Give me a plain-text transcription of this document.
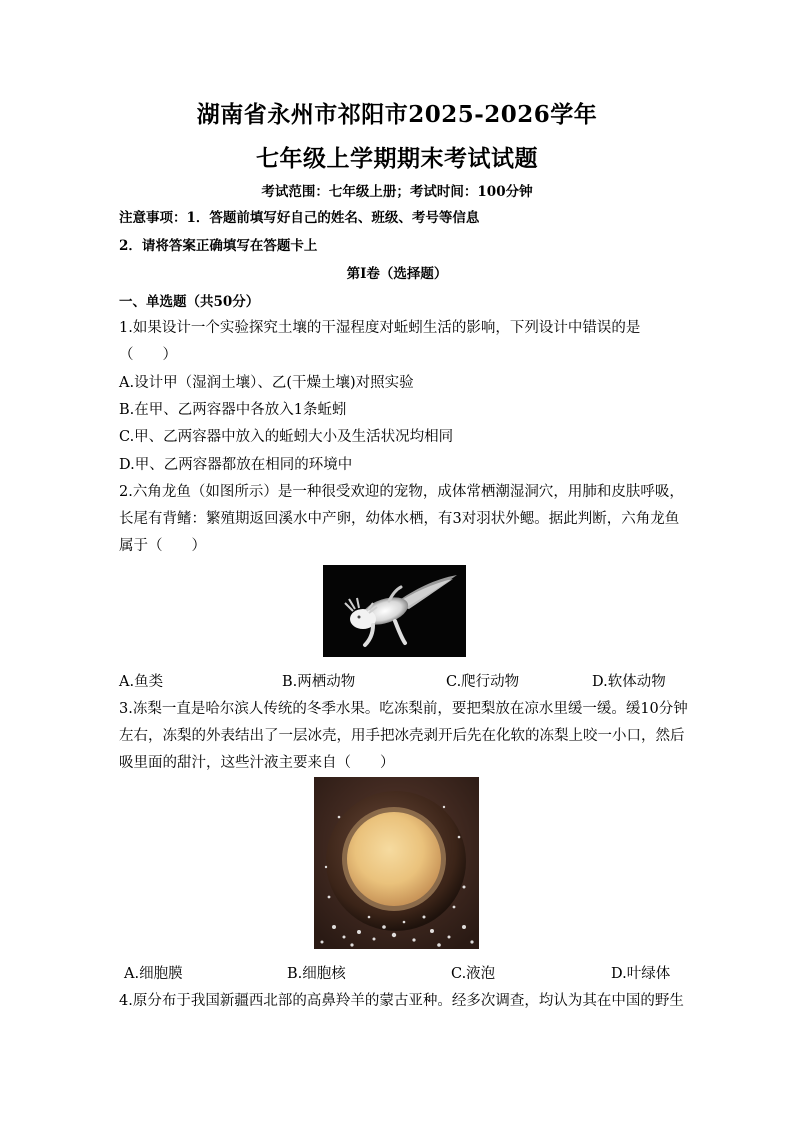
湖南省永州市祁阳市2025-2026学年
七年级上学期期末考试试题
考试范围：七年级上册；考试时间：100分钟
注意事项：1．答题前填写好自己的姓名、班级、考号等信息
2．请将答案正确填写在答题卡上
第I卷（选择题）
一、单选题（共50分）
1.如果设计一个实验探究土壤的干湿程度对蚯蚓生活的影响，下列设计中错误的是
（　　）
A.设计甲（湿润土壤）、乙(干燥土壤)对照实验
B.在甲、乙两容器中各放入1条蚯蚓
C.甲、乙两容器中放入的蚯蚓大小及生活状况均相同
D.甲、乙两容器都放在相同的环境中
2.六角龙鱼（如图所示）是一种很受欢迎的宠物，成体常栖潮湿洞穴，用肺和皮肤呼吸，
长尾有背鳍：繁殖期返回溪水中产卵，幼体水栖，有3对羽状外鳃。据此判断，六角龙鱼
属于（　　）
A.鱼类	B.两栖动物	C.爬行动物	D.软体动物
3.冻梨一直是哈尔滨人传统的冬季水果。吃冻梨前，要把梨放在凉水里缓一缓。缓10分钟
左右，冻梨的外表结出了一层冰壳，用手把冰壳剥开后先在化软的冻梨上咬一小口，然后
吸里面的甜汁，这些汁液主要来自（　　）
A.细胞膜	B.细胞核	C.液泡	D.叶绿体
4.原分布于我国新疆西北部的高鼻羚羊的蒙古亚种。经多次调查，均认为其在中国的野生
